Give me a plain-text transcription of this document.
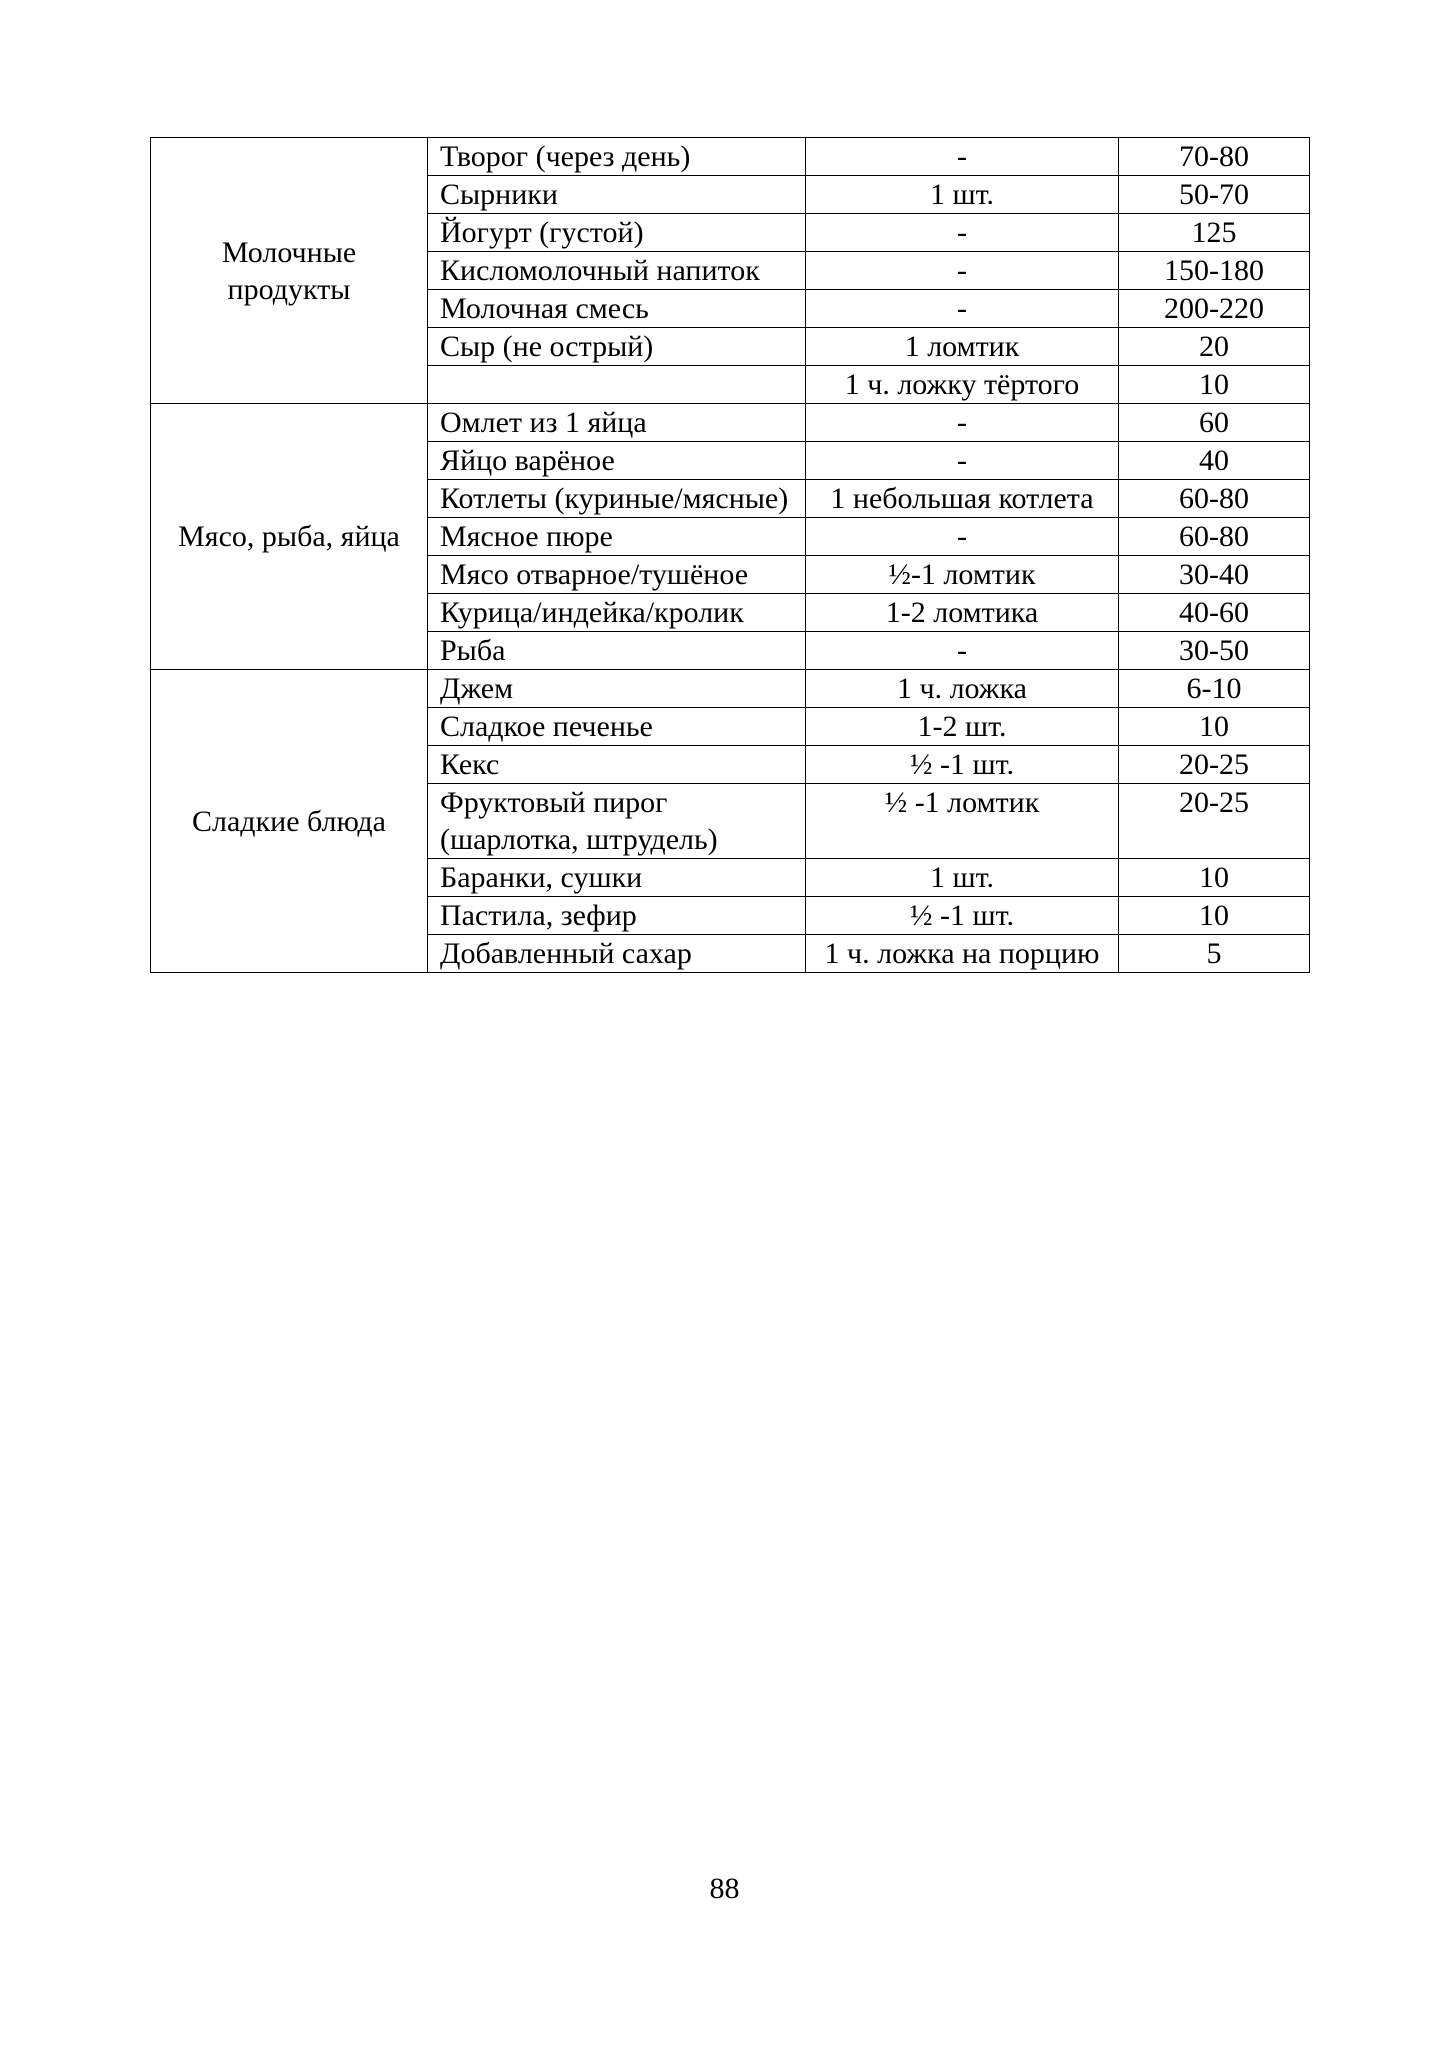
Молочные продукты	Творог (через день)	-	70-80
	Сырники	1 шт.	50-70
	Йогурт (густой)	-	125
	Кисломолочный напиток	-	150-180
	Молочная смесь	-	200-220
	Сыр (не острый)	1 ломтик	20
		1 ч. ложку тёртого	10
Мясо, рыба, яйца	Омлет из 1 яйца	-	60
	Яйцо варёное	-	40
	Котлеты (куриные/мясные)	1 небольшая котлета	60-80
	Мясное пюре	-	60-80
	Мясо отварное/тушёное	½-1 ломтик	30-40
	Курица/индейка/кролик	1-2 ломтика	40-60
	Рыба	-	30-50
Сладкие блюда	Джем	1 ч. ложка	6-10
	Сладкое печенье	1-2 шт.	10
	Кекс	½ -1 шт.	20-25
	Фруктовый пирог (шарлотка, штрудель)	½ -1 ломтик	20-25
	Баранки, сушки	1 шт.	10
	Пастила, зефир	½ -1 шт.	10
	Добавленный сахар	1 ч. ложка на порцию	5
88
